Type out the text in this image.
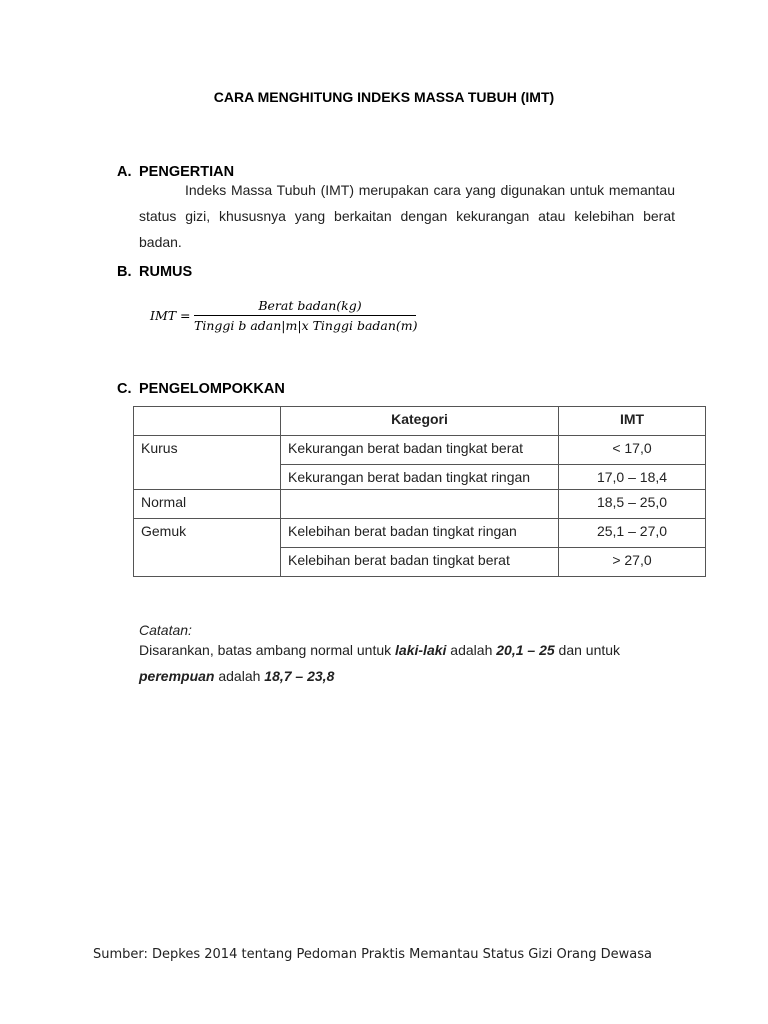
CARA MENGHITUNG INDEKS MASSA TUBUH (IMT)
A. PENGERTIAN
Indeks Massa Tubuh (IMT) merupakan cara yang digunakan untuk memantau status gizi, khususnya yang berkaitan dengan kekurangan atau kelebihan berat badan.
B. RUMUS
IMT =
Berat badan(kg)
Tinggi b adan|m|x Tinggi badan(m)
C. PENGELOMPOKKAN
	Kategori	IMT
Kurus	Kekurangan berat badan tingkat berat	< 17,0
	Kekurangan berat badan tingkat ringan	17,0 – 18,4
Normal		18,5 – 25,0
Gemuk	Kelebihan berat badan tingkat ringan	25,1 – 27,0
	Kelebihan berat badan tingkat berat	> 27,0
Catatan:
Disarankan, batas ambang normal untuk laki-laki adalah 20,1 – 25 dan untuk
perempuan adalah 18,7 – 23,8
Sumber: Depkes 2014 tentang Pedoman Praktis Memantau Status Gizi Orang Dewasa
